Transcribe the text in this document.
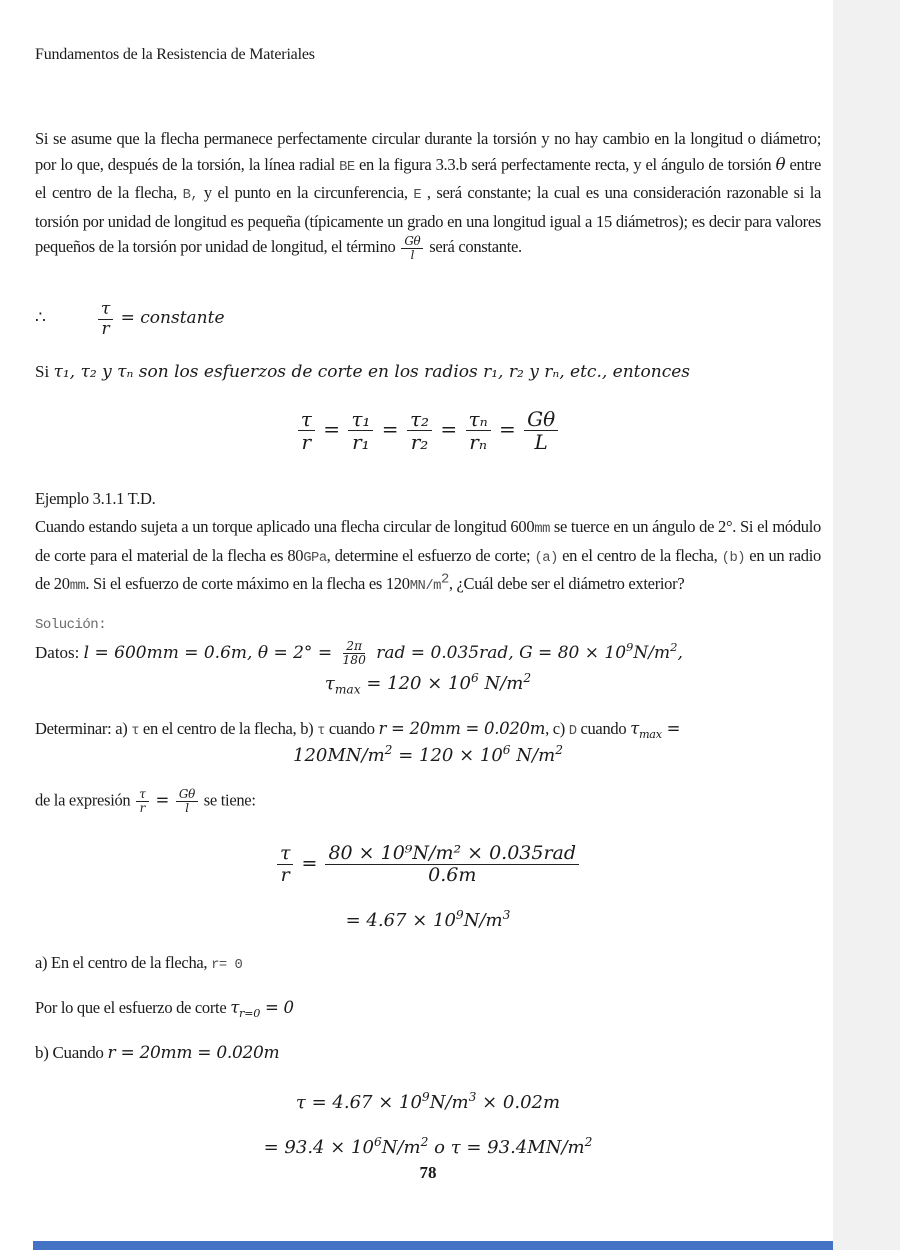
Fundamentos de la Resistencia de Materiales
Si se asume que la flecha permanece perfectamente circular durante la torsión y no hay cambio en la longitud o diámetro; por lo que, después de la torsión, la línea radial BE en la figura 3.3.b será perfectamente recta, y el ángulo de torsión θ entre el centro de la flecha, B, y el punto en la circunferencia, E , será constante; la cual es una consideración razonable si la torsión por unidad de longitud es pequeña (típicamente un grado en una longitud igual a 15 diámetros); es decir para valores pequeños de la torsión por unidad de longitud, el término $\frac{G\theta}{l}$ será constante.
∴	$\frac{\tau}{r}$ = constante
Si τ₁, τ₂ y τₙ son los esfuerzos de corte en los radios r₁, r₂ y rₙ, etc., entonces
$\frac{\tau}{r} = \frac{\text{τ₁}}{\text{r₁}} = \frac{\text{τ₂}}{\text{r₂}} = \frac{\text{τₙ}}{\text{rₙ}} = \frac{G\theta}{L}$
Ejemplo 3.1.1 T.D.
Cuando estando sujeta a un torque aplicado una flecha circular de longitud 600mm se tuerce en un ángulo de 2°. Si el módulo de corte para el material de la flecha es 80GPa, determine el esfuerzo de corte; (a) en el centro de la flecha, (b) en un radio de 20mm. Si el esfuerzo de corte máximo en la flecha es $120MN/m^2$, ¿Cuál debe ser el diámetro exterior?
Solución:
Datos: l = 600mm = 0.6m, $\theta = 2^\circ = \frac{2\pi}{180}$ rad = 0.035rad, $G = 80 \times 10^9N/m^2$,
$\tau_{max} = 120 \times 10^6$ $N/m^2$
Determinar: a) τ en el centro de la flecha, b) τ cuando r = 20mm = 0.020m, c) D cuando $\tau_{max}$ =
$120MN/m^2 = 120 \times 10^6$ $N/m^2$
de la expresión $\frac{\tau}{r} = \frac{G\theta}{l}$ se tiene:
$\frac{\tau}{r} = \frac{\text{80 × 10⁹N/m² × 0.035rad}}{0.6m}$
= $4.67 \times 10^9N/m^3$
a) En el centro de la flecha, r= 0
Por lo que el esfuerzo de corte $\tau_{r=0} = 0$
b) Cuando r = 20mm = 0.020m
$\tau = 4.67 \times 10^9N/m^3 \times 0.02m$
= $93.4 \times 10^6N/m^2$ o $\tau = 93.4MN/m^2$
78
